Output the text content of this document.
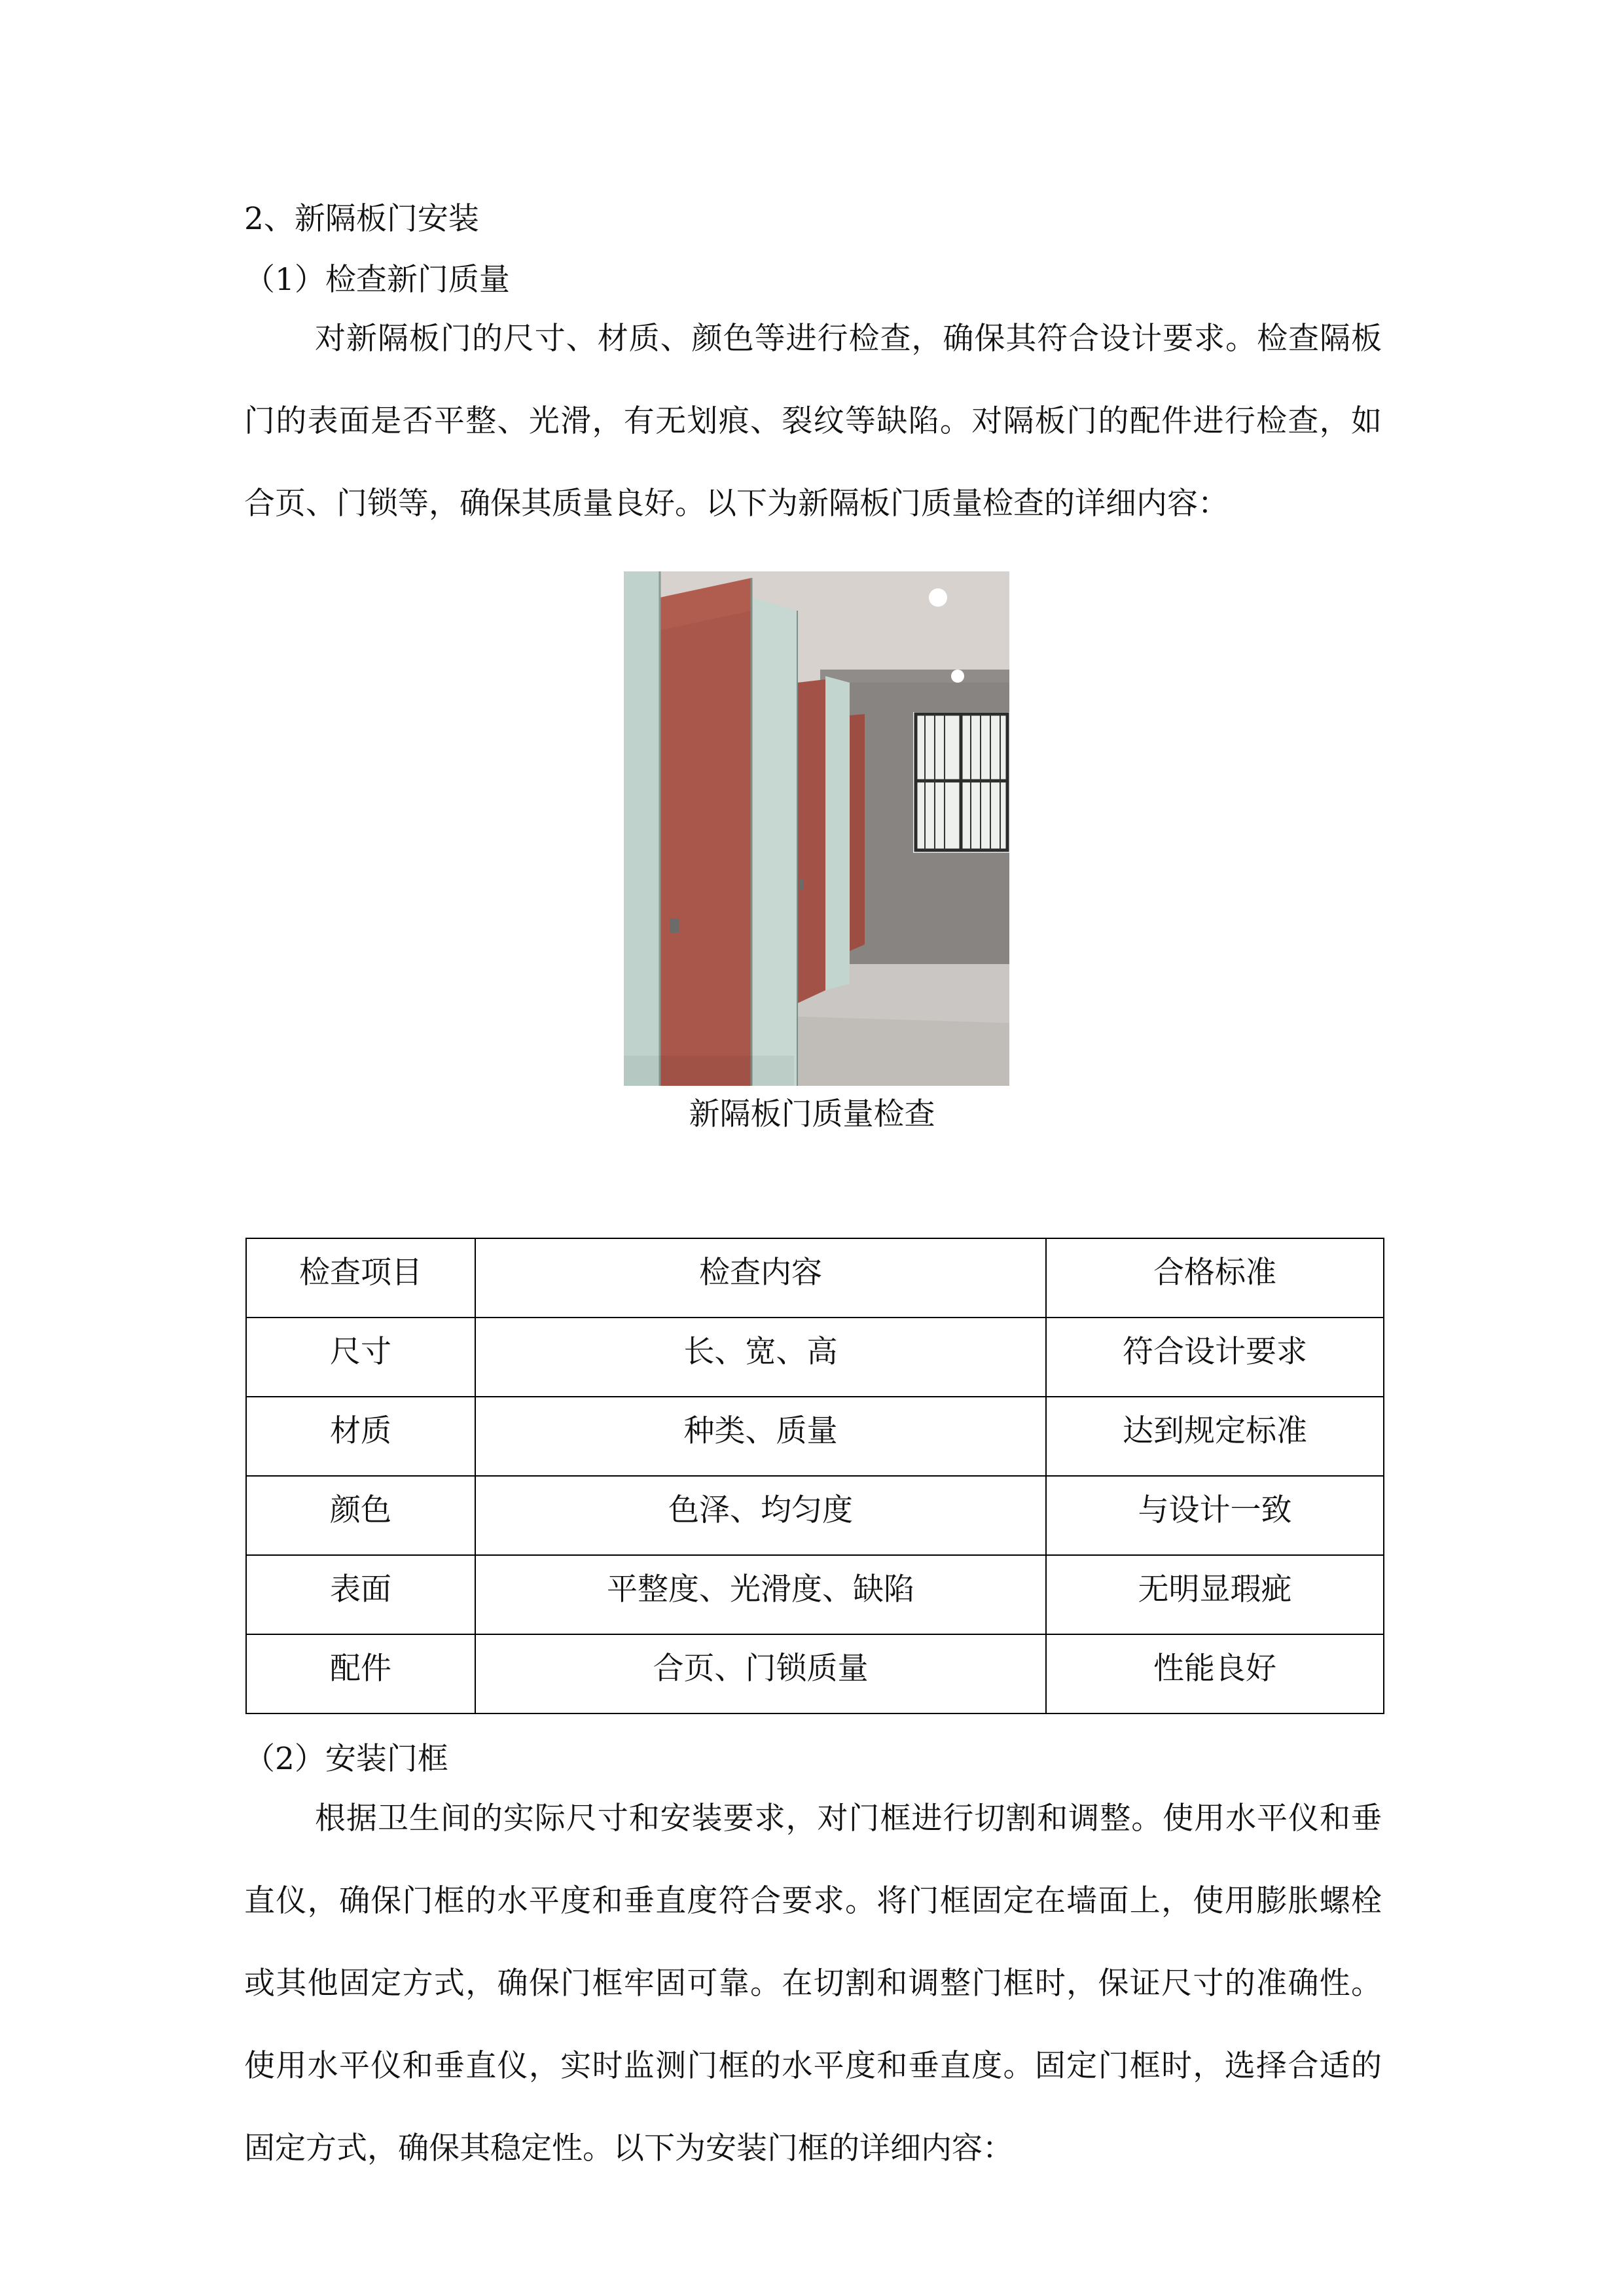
2、新隔板门安装
（1）检查新门质量
对新隔板门的尺寸、材质、颜色等进行检查，确保其符合设计要求。检查隔板门的表面是否平整、光滑，有无划痕、裂纹等缺陷。对隔板门的配件进行检查，如合页、门锁等，确保其质量良好。以下为新隔板门质量检查的详细内容：
新隔板门质量检查
检查项目	检查内容	合格标准
尺寸	长、宽、高	符合设计要求
材质	种类、质量	达到规定标准
颜色	色泽、均匀度	与设计一致
表面	平整度、光滑度、缺陷	无明显瑕疵
配件	合页、门锁质量	性能良好
（2）安装门框
根据卫生间的实际尺寸和安装要求，对门框进行切割和调整。使用水平仪和垂直仪，确保门框的水平度和垂直度符合要求。将门框固定在墙面上，使用膨胀螺栓或其他固定方式，确保门框牢固可靠。在切割和调整门框时，保证尺寸的准确性。使用水平仪和垂直仪，实时监测门框的水平度和垂直度。固定门框时，选择合适的固定方式，确保其稳定性。以下为安装门框的详细内容：
